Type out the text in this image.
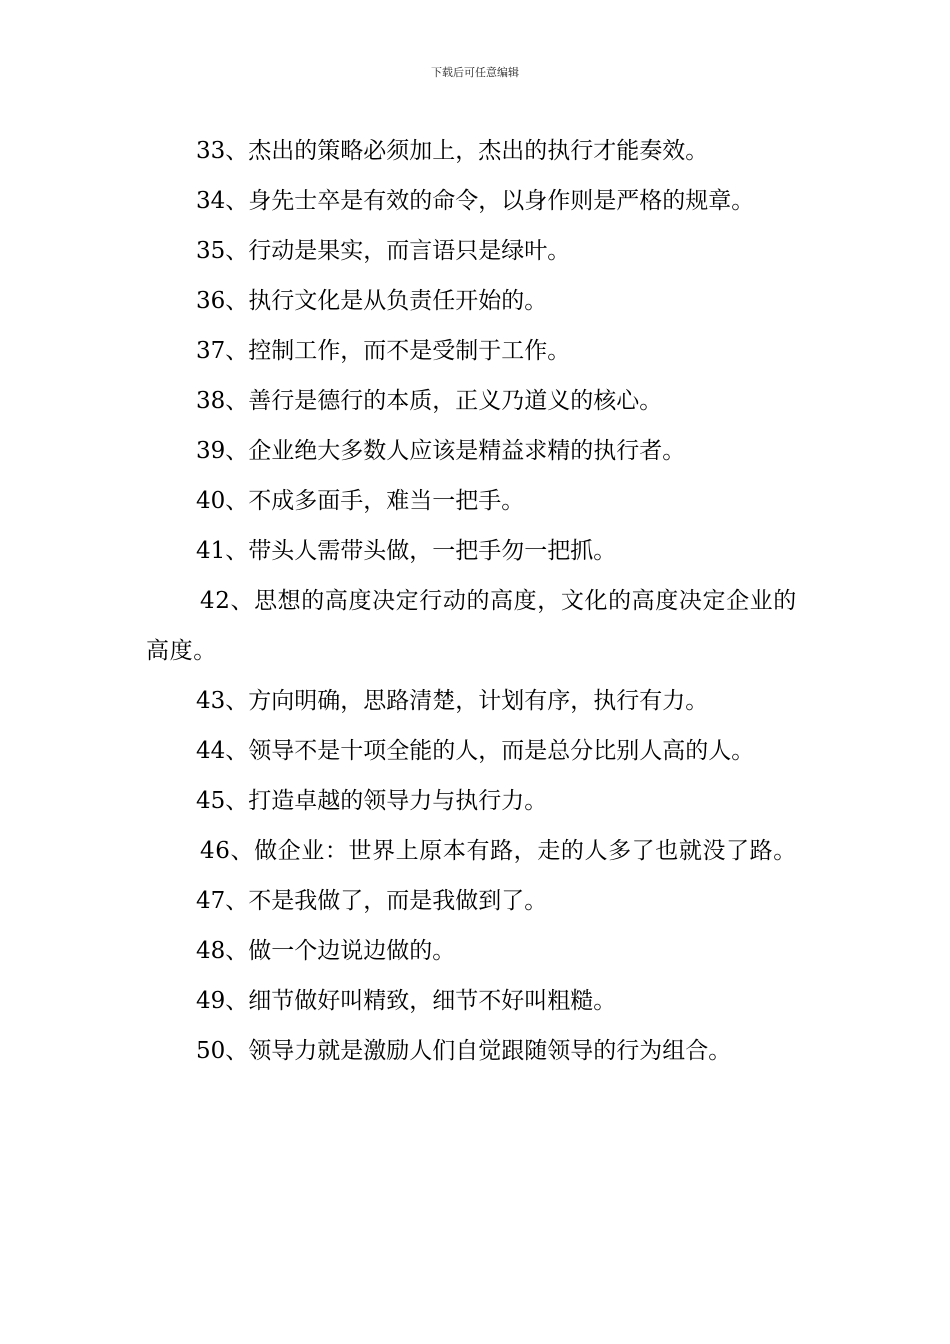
下载后可任意编辑

33、杰出的策略必须加上，杰出的执行才能奏效。

34、身先士卒是有效的命令，以身作则是严格的规章。

35、行动是果实，而言语只是绿叶。

36、执行文化是从负责任开始的。

37、控制工作，而不是受制于工作。

38、善行是德行的本质，正义乃道义的核心。

39、企业绝大多数人应该是精益求精的执行者。

40、不成多面手，难当一把手。

41、带头人需带头做，一把手勿一把抓。

42、思想的高度决定行动的高度，文化的高度决定企业的高度。

43、方向明确，思路清楚，计划有序，执行有力。

44、领导不是十项全能的人，而是总分比别人高的人。

45、打造卓越的领导力与执行力。

46、做企业：世界上原本有路，走的人多了也就没了路。

47、不是我做了，而是我做到了。

48、做一个边说边做的。

49、细节做好叫精致，细节不好叫粗糙。

50、领导力就是激励人们自觉跟随领导的行为组合。
